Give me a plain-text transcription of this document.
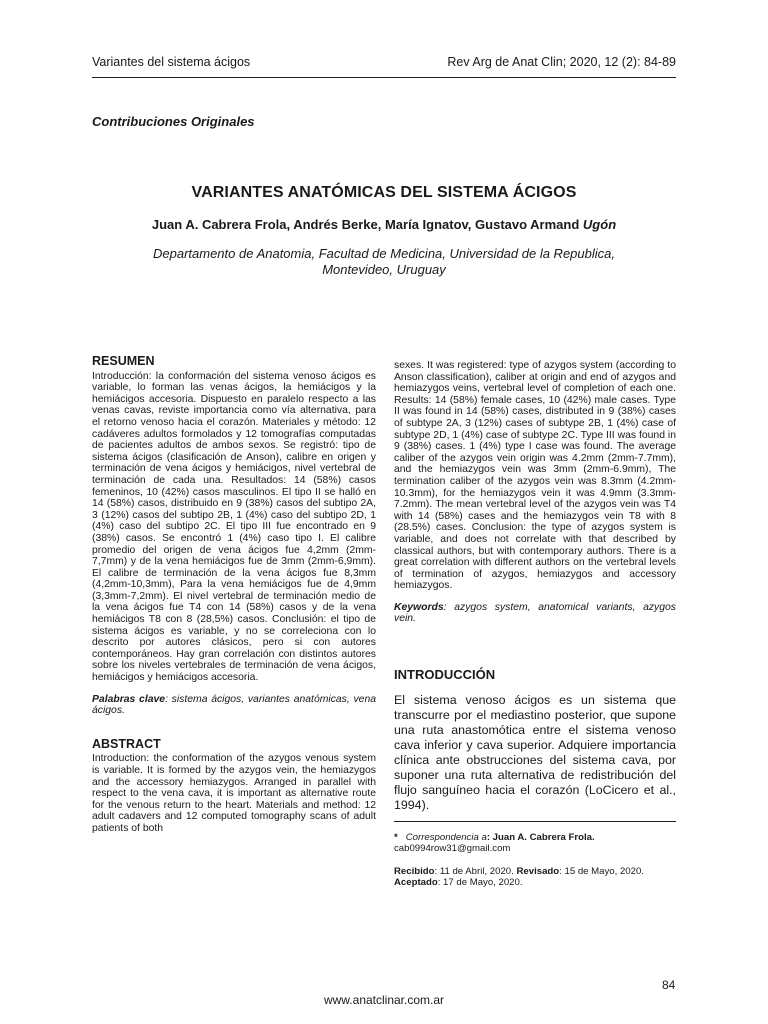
Variantes del sistema ácigos	Rev Arg de Anat Clin; 2020, 12 (2): 84-89
Contribuciones Originales
VARIANTES ANATÓMICAS DEL SISTEMA ÁCIGOS
Juan A. Cabrera Frola, Andrés Berke, María Ignatov, Gustavo Armand Ugón
Departamento de Anatomia, Facultad de Medicina, Universidad de la Republica, Montevideo, Uruguay
RESUMEN

Introducción: la conformación del sistema venoso ácigos es variable, lo forman las venas ácigos, la hemiácigos y la hemiácigos accesoria. Dispuesto en paralelo respecto a las venas cavas, reviste importancia como vía alternativa, para el retorno venoso hacia el corazón. Materiales y método: 12 cadáveres adultos formolados y 12 tomografías computadas de pacientes adultos de ambos sexos. Se registró: tipo de sistema ácigos (clasificación de Anson), calibre en origen y terminación de vena ácigos y hemiácigos, nivel vertebral de terminación de cada una. Resultados: 14 (58%) casos femeninos, 10 (42%) casos masculinos. El tipo II se halló en 14 (58%) casos, distribuido en 9 (38%) casos del subtipo 2A, 3 (12%) casos del subtipo 2B, 1 (4%) caso del subtipo 2D, 1 (4%) caso del subtipo 2C. El tipo III fue encontrado en 9 (38%) casos. Se encontró 1 (4%) caso tipo I. El calibre promedio del origen de vena ácigos fue 4,2mm (2mm-7,7mm) y de la vena hemiácigos fue de 3mm (2mm-6,9mm). El calibre de terminación de la vena ácigos fue 8,3mm (4,2mm-10,3mm), Para la vena hemiácigos fue de 4,9mm (3,3mm-7,2mm). El nivel vertebral de terminación medio de la vena ácigos fue T4 con 14 (58%) casos y de la vena hemiácigos T8 con 8 (28,5%) casos. Conclusión: el tipo de sistema ácigos es variable, y no se correleciona con lo descrito por autores clásicos, pero si con autores contemporáneos. Hay gran correlación con distintos autores sobre los niveles vertebrales de terminación de vena ácigos, hemiácigos y hemiácigos accesoria.

Palabras clave: sistema ácigos, variantes anatómicas, vena ácigos.

ABSTRACT

Introduction: the conformation of the azygos venous system is variable. It is formed by the azygos vein, the hemiazygos and the accessory hemiazygos. Arranged in parallel with respect to the vena cava, it is important as alternative route for the venous return to the heart. Materials and method: 12 adult cadavers and 12 computed tomography scans of adult patients of both

sexes. It was registered: type of azygos system (according to Anson classification), caliber at origin and end of azygos and hemiazygos veins, vertebral level of completion of each one. Results: 14 (58%) female cases, 10 (42%) male cases. Type II was found in 14 (58%) cases, distributed in 9 (38%) cases of subtype 2A, 3 (12%) cases of subtype 2B, 1 (4%) case of subtype 2D, 1 (4%) case of subtype 2C. Type III was found in 9 (38%) cases. 1 (4%) type I case was found. The average caliber of the azygos vein origin was 4.2mm (2mm-7.7mm), and the hemiazygos vein was 3mm (2mm-6.9mm), The termination caliber of the azygos vein was 8.3mm (4.2mm-10.3mm), for the hemiazygos vein it was 4.9mm (3.3mm-7.2mm). The mean vertebral level of the azygos vein was T4 with 14 (58%) cases and the hemiazygos vein T8 with 8 (28.5%) cases. Conclusion: the type of azygos system is variable, and does not correlate with that described by classical authors, but with contemporary authors. There is a great correlation with different authors on the vertebral levels of termination of azygos, hemiazygos and accessory hemiazygos.

Keywords: azygos system, anatomical variants, azygos vein.

INTRODUCCIÓN

El sistema venoso ácigos es un sistema que transcurre por el mediastino posterior, que supone una ruta anastomótica entre el sistema venoso cava inferior y cava superior. Adquiere importancia clínica ante obstrucciones del sistema cava, por suponer una ruta alternativa de redistribución del flujo sanguíneo hacia el corazón (LoCicero et al., 1994).

* Correspondencia a: Juan A. Cabrera Frola.
cab0994row31@gmail.com

Recibido: 11 de Abril, 2020. Revisado: 15 de Mayo, 2020.
Aceptado: 17 de Mayo, 2020.

84
www.anatclinar.com.ar
